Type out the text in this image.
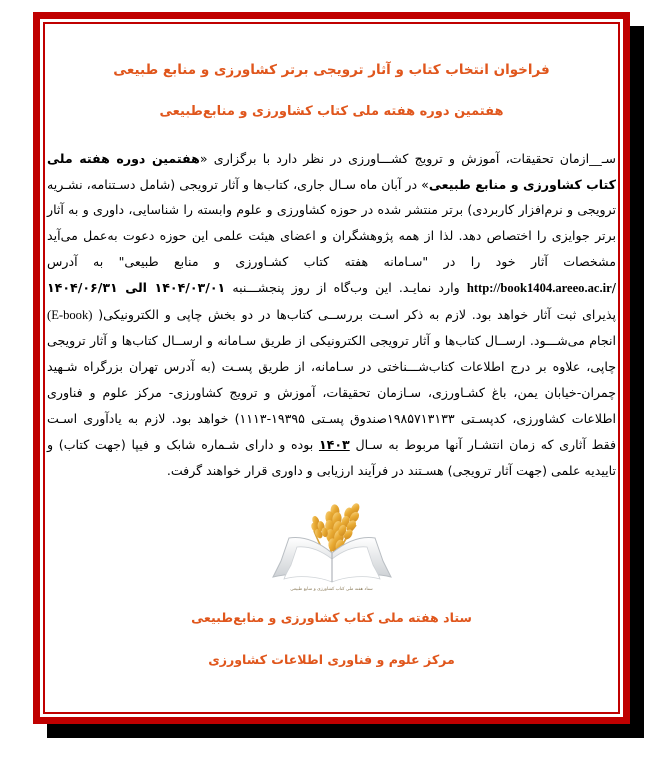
فراخوان انتخاب کتاب و آثار ترویجی برتر کشاورزی و منابع طبیعی
هفتمین دوره هفته ملی کتاب کشاورزی و منابع‌طبیعی

سـ__ازمان تحقیقات، آموزش و ترویج کشـــاورزی در نظر دارد با برگزاری «هفتمین دوره هفته ملی کتاب کشاورزی و منابع طبیعی» در آبان ماه سـال جاری، کتاب‌ها و آثار ترویجی (شامل دسـتنامه، نشـریه ترویجی و نرم‌افزار کاربردی) برتر منتشر شده در حوزه کشاورزی و علوم وابسته را شناسایی، داوری و به آثار برتر جوایزی را اختصاص دهد. لذا از همه پژوهشگران و اعضای هیئت علمی این حوزه دعوت به‌عمل می‌آید مشخصات آثار خود را در "سـامانه هفته کتاب کشـاورزی و منابع طبیعی" به آدرس /http://book1404.areeo.ac.ir وارد نمایـد. این وب‌گاه از روز پنجشـــنبه ۱۴۰۴/۰۳/۰۱ الی ۱۴۰۴/۰۶/۳۱ پذیرای ثبت آثار خواهد بود. لازم به ذکر اسـت بررســی کتاب‌ها در دو بخش چاپی و الکترونیکی( (E-book) انجام می‌شـــود. ارســال کتاب‌ها و آثار ترویجی الکترونیکی از طریق سـامانه و ارســال کتاب‌ها و آثار ترویجی چاپی، علاوه بر درج اطلاعات کتاب‌شـــناختی در سـامانه، از طریق پسـت (به آدرس تهران بزرگراه شـهید چمران-خیابان یمن، باغ کشـاورزی، سـازمان تحقیقات، آموزش و ترویج کشاورزی- مرکز علوم و فناوری اطلاعات کشاورزی، کدپسـتی ۱۹۸۵۷۱۳۱۳۳صندوق پسـتی ۱۹۳۹۵-۱۱۱۳) خواهد بود. لازم به یادآوری اسـت فقط آثاری که زمان انتشـار آنها مربوط به سـال ۱۴۰۳ بوده و دارای شـماره شابک و فیپا (جهت کتاب) و تاییدیه علمی (جهت آثار ترویجی) هسـتند در فرآیند ارزیابی و داوری قرار خواهند گرفت.

ستاد هفته ملی کتاب کشاورزی و منابع طبیعی
ستاد هفته ملی کتاب کشاورزی و منابع‌طبیعی
مرکز علوم و فناوری اطلاعات کشاورزی
